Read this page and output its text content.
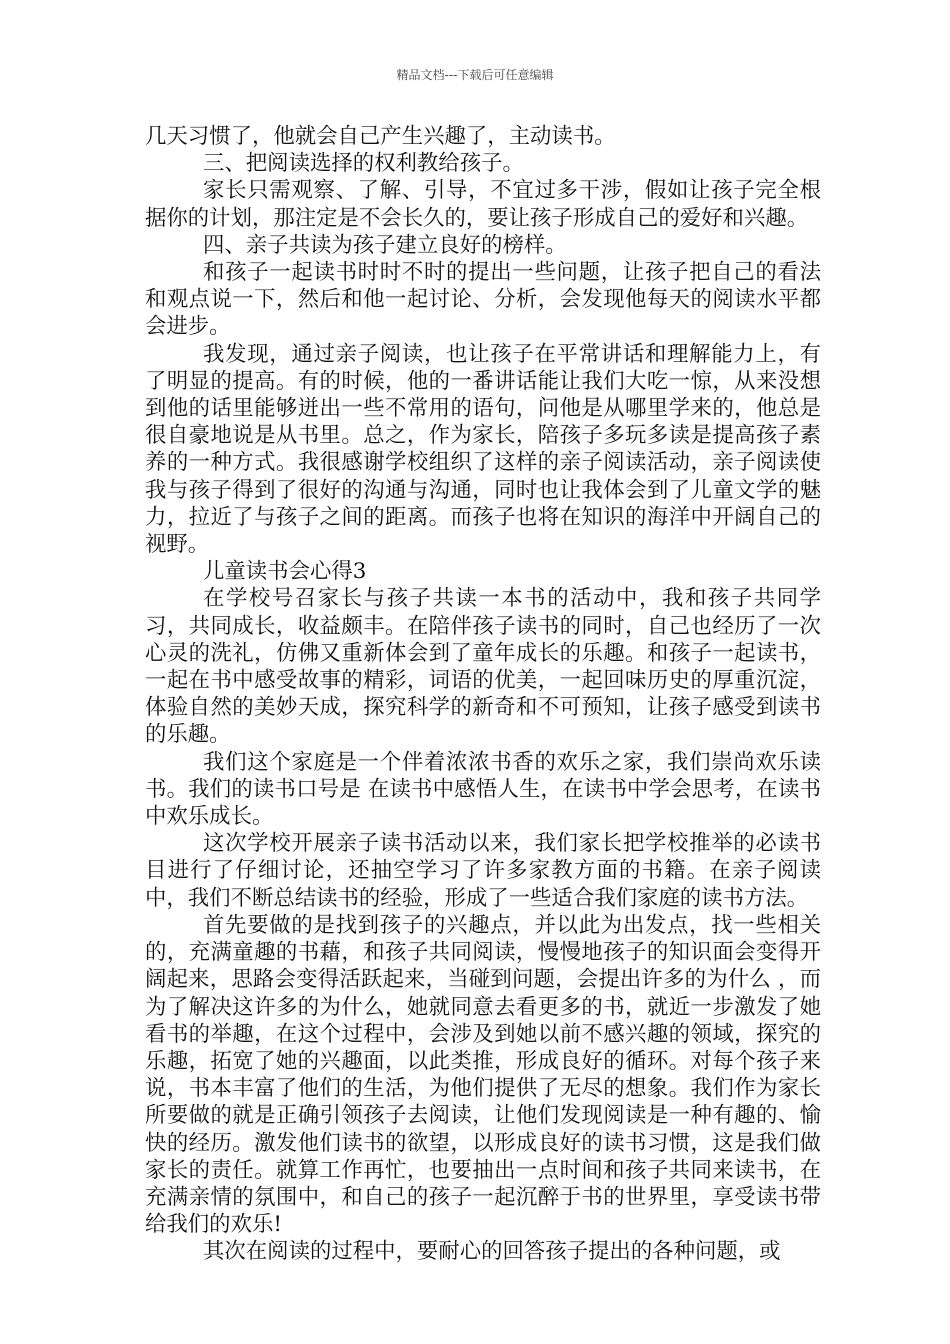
精品文档---下载后可任意编辑

几天习惯了，他就会自己产生兴趣了，主动读书。

三、把阅读选择的权利教给孩子。

家长只需观察、了解、引导，不宜过多干涉，假如让孩子完全根据你的计划，那注定是不会长久的，要让孩子形成自己的爱好和兴趣。

四、亲子共读为孩子建立良好的榜样。

和孩子一起读书时时不时的提出一些问题，让孩子把自己的看法和观点说一下，然后和他一起讨论、分析，会发现他每天的阅读水平都会进步。

我发现，通过亲子阅读，也让孩子在平常讲话和理解能力上，有了明显的提高。有的时候，他的一番讲话能让我们大吃一惊，从来没想到他的话里能够迸出一些不常用的语句，问他是从哪里学来的，他总是很自豪地说是从书里。总之，作为家长，陪孩子多玩多读是提高孩子素养的一种方式。我很感谢学校组织了这样的亲子阅读活动，亲子阅读使我与孩子得到了很好的沟通与沟通，同时也让我体会到了儿童文学的魅力，拉近了与孩子之间的距离。而孩子也将在知识的海洋中开阔自己的视野。

儿童读书会心得3

在学校号召家长与孩子共读一本书的活动中，我和孩子共同学习，共同成长，收益颇丰。在陪伴孩子读书的同时，自己也经历了一次心灵的洗礼，仿佛又重新体会到了童年成长的乐趣。和孩子一起读书，一起在书中感受故事的精彩，词语的优美，一起回味历史的厚重沉淀，体验自然的美妙天成，探究科学的新奇和不可预知，让孩子感受到读书的乐趣。

我们这个家庭是一个伴着浓浓书香的欢乐之家，我们崇尚欢乐读书。我们的读书口号是 在读书中感悟人生，在读书中学会思考，在读书中欢乐成长。

这次学校开展亲子读书活动以来，我们家长把学校推举的必读书目进行了仔细讨论，还抽空学习了许多家教方面的书籍。在亲子阅读中，我们不断总结读书的经验，形成了一些适合我们家庭的读书方法。

首先要做的是找到孩子的兴趣点，并以此为出发点，找一些相关的，充满童趣的书藉，和孩子共同阅读，慢慢地孩子的知识面会变得开阔起来，思路会变得活跃起来，当碰到问题，会提出许多的为什么 ，而为了解决这许多的为什么，她就同意去看更多的书，就近一步激发了她看书的举趣，在这个过程中，会涉及到她以前不感兴趣的领域，探究的乐趣，拓宽了她的兴趣面，以此类推，形成良好的循环。对每个孩子来说，书本丰富了他们的生活，为他们提供了无尽的想象。我们作为家长所要做的就是正确引领孩子去阅读，让他们发现阅读是一种有趣的、愉快的经历。激发他们读书的欲望，以形成良好的读书习惯，这是我们做家长的责任。就算工作再忙，也要抽出一点时间和孩子共同来读书，在充满亲情的氛围中，和自己的孩子一起沉醉于书的世界里，享受读书带给我们的欢乐!

其次在阅读的过程中，要耐心的回答孩子提出的各种问题，或
